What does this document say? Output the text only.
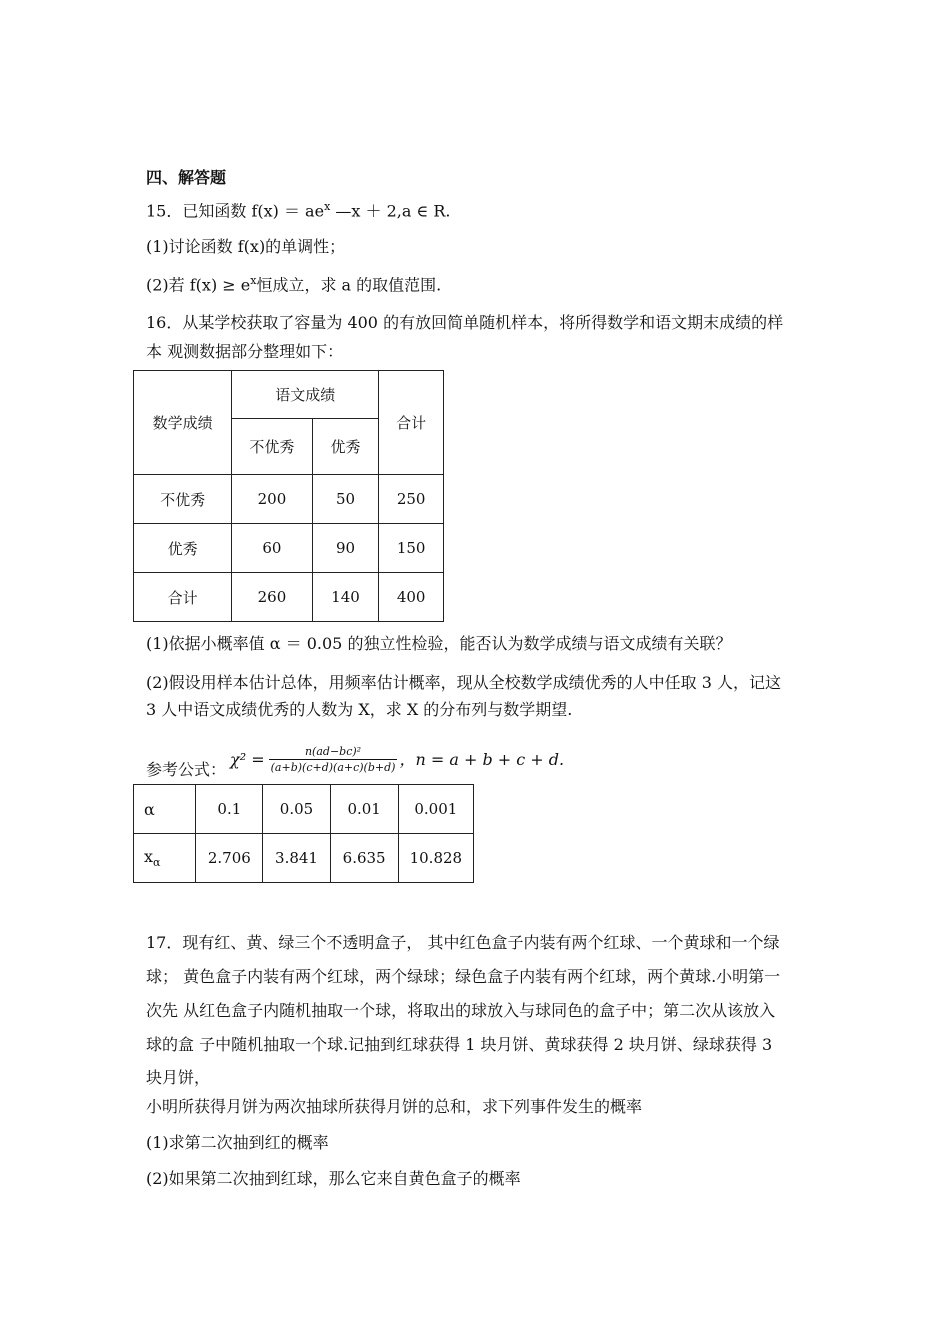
四、解答题
15．已知函数 $f(x) = ae^x$ —x ＋ 2,a ∈ R.
(1)讨论函数 f(x)的单调性；
(2)若 $f(x) \ge e^x$恒成立，求 a 的取值范围.
16．从某学校获取了容量为 400 的有放回简单随机样本，将所得数学和语文期末成绩的样
本 观测数据部分整理如下：
数学成绩	语文成绩		合计
	不优秀	优秀	
不优秀	200	50	250
优秀	60	90	150
合计	260	140	400
(1)依据小概率值 α ＝ 0.05 的独立性检验，能否认为数学成绩与语文成绩有关联？
(2)假设用样本估计总体，用频率估计概率，现从全校数学成绩优秀的人中任取 3 人，记这
3 人中语文成绩优秀的人数为 X，求 X 的分布列与数学期望.
参考公式：
$\chi^2 = \frac{\text{n(ad−bc)²}}{(a+b)(c+d)(a+c)(b+d)}$ ，n = a + b + c + d.
α	0.1	0.05	0.01	0.001
$x_\alpha$	2.706	3.841	6.635	10.828
17．现有红、黄、绿三个不透明盒子， 其中红色盒子内装有两个红球、一个黄球和一个绿
球； 黄色盒子内装有两个红球，两个绿球；绿色盒子内装有两个红球，两个黄球.小明第一
次先 从红色盒子内随机抽取一个球，将取出的球放入与球同色的盒子中；第二次从该放入
球的盒 子中随机抽取一个球.记抽到红球获得 1 块月饼、黄球获得 2 块月饼、绿球获得 3
块月饼，
小明所获得月饼为两次抽球所获得月饼的总和，求下列事件发生的概率
(1)求第二次抽到红的概率
(2)如果第二次抽到红球，那么它来自黄色盒子的概率
